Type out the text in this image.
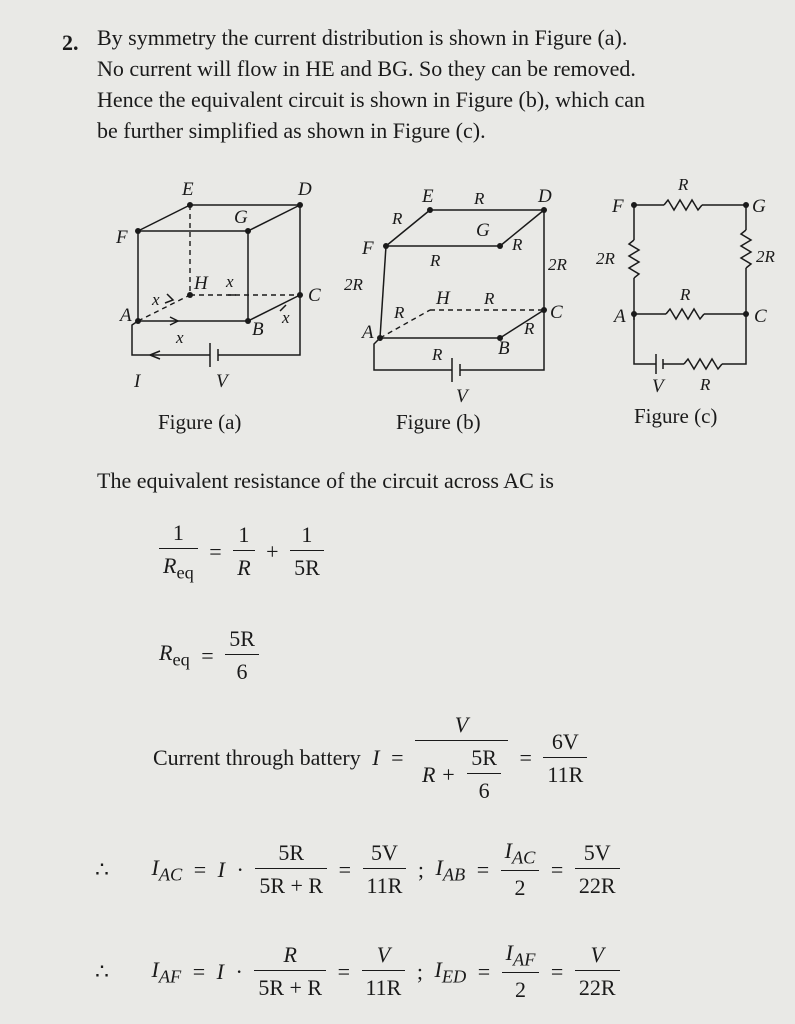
2. By symmetry the current distribution is shown in Figure (a).
No current will flow in HE and BG. So they can be removed.
Hence the equivalent circuit is shown in Figure (b), which can
be further simplified as shown in Figure (c).
E	D
G
F
H
A
C
B
x
x
x
x
I	V
Figure (a)
E	D
G
F
H
A
C
B
R
R
R
R	2R
2R
R
R
R
R
V
Figure (b)
F	G
A	C
R
2R	2R
R
V R
Figure (c)
The equivalent resistance of the circuit across AC is
$\frac{1}{R_{eq}} = \frac{1}{R} + \frac{1}{5R}$
$R_{eq} = \frac{5R}{6}$
Current through battery $I = \frac{V}{R + \frac{5R}{6}} = \frac{6V}{11R}$
∴ $I_{AC} = I \cdot \frac{5R}{5R + R} = \frac{5V}{11R}$ ; $I_{AB} = \frac{I_{AC}}{2} = \frac{5V}{22R}$
∴ $I_{AF} = I \cdot \frac{R}{5R + R} = \frac{V}{11R}$ ; $I_{ED} = \frac{I_{AF}}{2} = \frac{V}{22R}$
